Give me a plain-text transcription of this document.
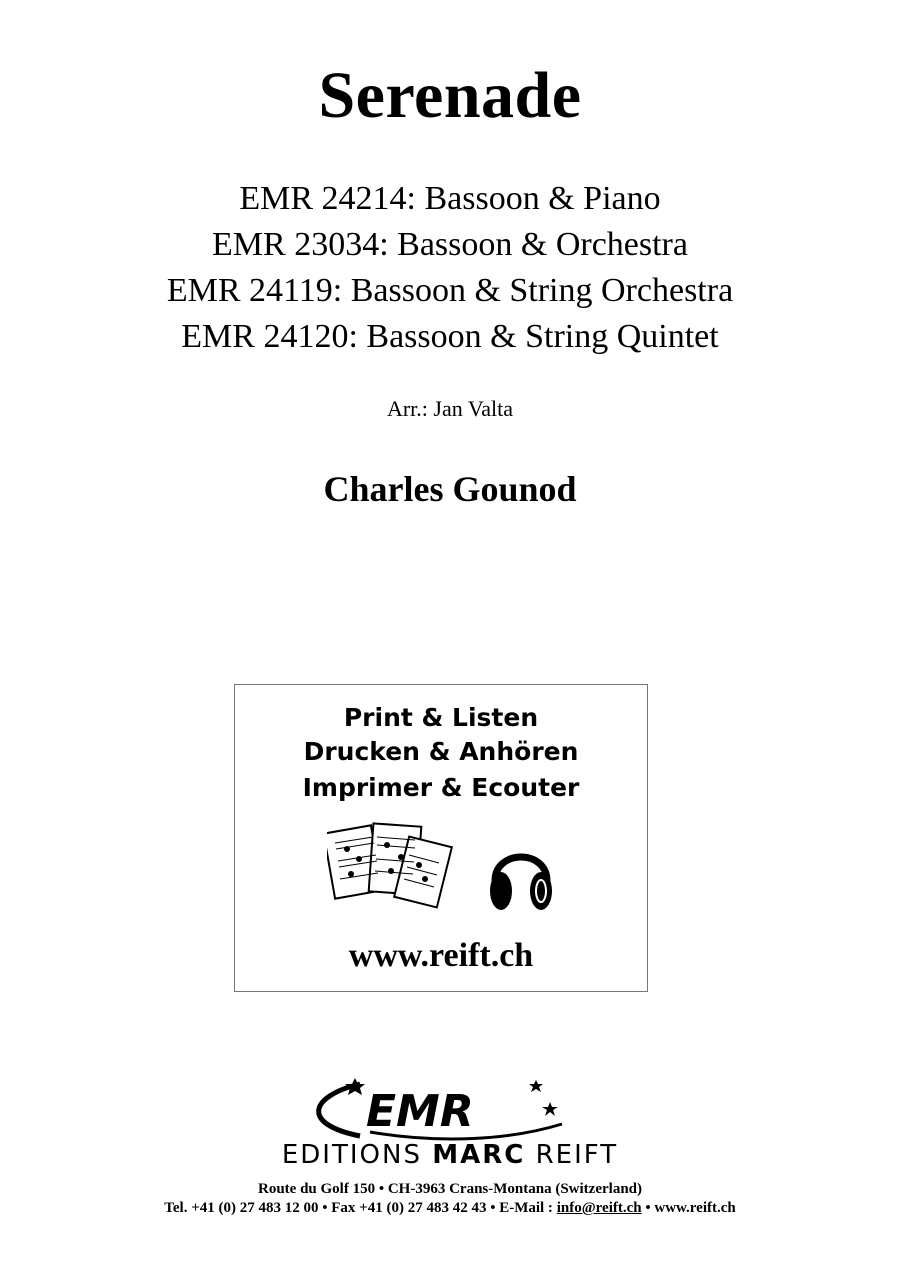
Serenade
EMR 24214: Bassoon & Piano
EMR 23034: Bassoon & Orchestra
EMR 24119: Bassoon & String Orchestra
EMR 24120: Bassoon & String Quintet
Arr.: Jan Valta
Charles Gounod
Print & Listen
Drucken & Anhören
Imprimer & Ecouter
www.reift.ch
EMR
EDITIONS MARC REIFT
Route du Golf 150 • CH-3963 Crans-Montana (Switzerland)
Tel. +41 (0) 27 483 12 00 • Fax +41 (0) 27 483 42 43 • E-Mail : info@reift.ch • www.reift.ch
